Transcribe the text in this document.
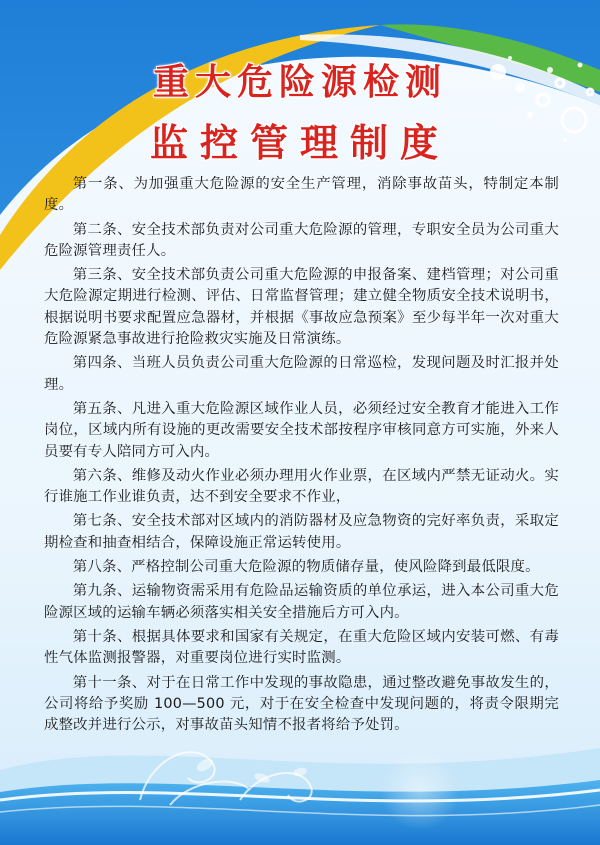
重大危险源检测
监控管理制度

第一条、为加强重大危险源的安全生产管理，消除事故苗头，特制定本制度。

第二条、安全技术部负责对公司重大危险源的管理，专职安全员为公司重大危险源管理责任人。

第三条、安全技术部负责公司重大危险源的申报备案、建档管理；对公司重大危险源定期进行检测、评估、日常监督管理；建立健全物质安全技术说明书，根据说明书要求配置应急器材，并根据《事故应急预案》至少每半年一次对重大危险源紧急事故进行抢险救灾实施及日常演练。

第四条、当班人员负责公司重大危险源的日常巡检，发现问题及时汇报并处理。

第五条、凡进入重大危险源区域作业人员，必须经过安全教育才能进入工作岗位，区域内所有设施的更改需要安全技术部按程序审核同意方可实施，外来人员要有专人陪同方可入内。

第六条、维修及动火作业必须办理用火作业票，在区域内严禁无证动火。实行谁施工作业谁负责，达不到安全要求不作业，

第七条、安全技术部对区域内的消防器材及应急物资的完好率负责，采取定期检查和抽查相结合，保障设施正常运转使用。

第八条、严格控制公司重大危险源的物质储存量，使风险降到最低限度。

第九条、运输物资需采用有危险品运输资质的单位承运，进入本公司重大危险源区域的运输车辆必须落实相关安全措施后方可入内。

第十条、根据具体要求和国家有关规定，在重大危险区域内安装可燃、有毒性气体监测报警器，对重要岗位进行实时监测。

第十一条、对于在日常工作中发现的事故隐患，通过整改避免事故发生的，公司将给予奖励 100—500 元，对于在安全检查中发现问题的，将责令限期完成整改并进行公示，对事故苗头知情不报者将给予处罚。
